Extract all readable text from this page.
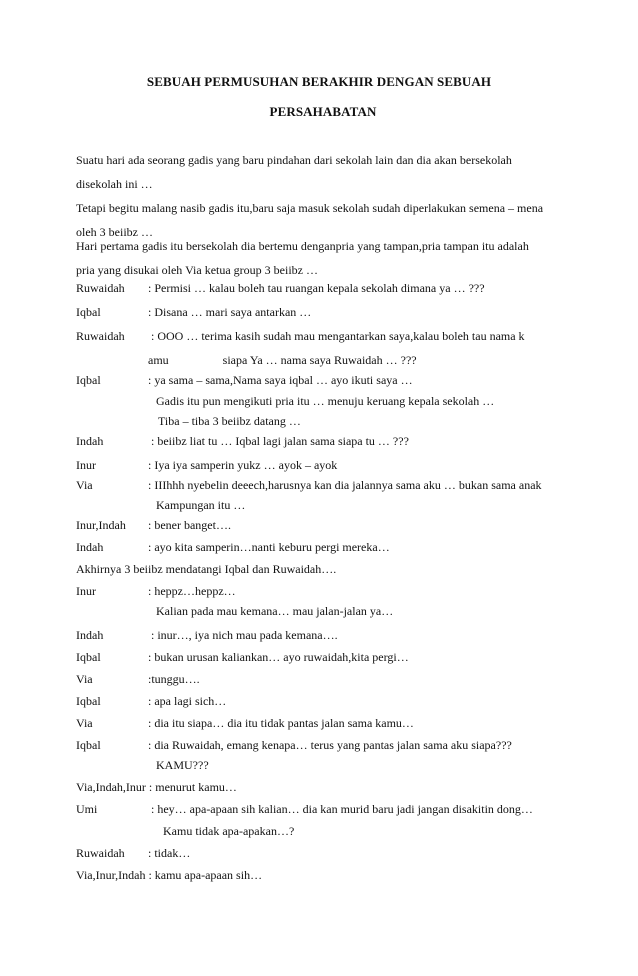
SEBUAH PERMUSUHAN BERAKHIR DENGAN SEBUAH
PERSAHABATAN
Suatu hari ada seorang gadis yang baru pindahan dari sekolah lain dan dia akan bersekolah
disekolah ini …
Tetapi begitu malang nasib gadis itu,baru saja masuk sekolah sudah diperlakukan semena – mena
oleh 3 beiibz …
Hari pertama gadis itu bersekolah dia bertemu denganpria yang tampan,pria tampan itu adalah
pria yang disukai oleh Via ketua group 3 beiibz …
Ruwaidah : Permisi … kalau boleh tau ruangan kepala sekolah dimana ya … ???
Iqbal	: Disana … mari saya antarkan …
Ruwaidah : OOO … terima kasih sudah mau mengantarkan saya,kalau boleh tau nama k
amu                  siapa Ya … nama saya Ruwaidah … ???
Iqbal	: ya sama – sama,Nama saya iqbal … ayo ikuti saya …
Gadis itu pun mengikuti pria itu … menuju keruang kepala sekolah …
Tiba – tiba 3 beiibz datang …
Indah	: beiibz liat tu … Iqbal lagi jalan sama siapa tu … ???
Inur	: Iya iya samperin yukz … ayok – ayok
Via	: IIIhhh nyebelin deeech,harusnya kan dia jalannya sama aku … bukan sama anak
Kampungan itu …
Inur,Indah : bener banget….
Indah	: ayo kita samperin…nanti keburu pergi mereka…
Akhirnya 3 beiibz mendatangi Iqbal dan Ruwaidah….
Inur	: heppz…heppz…
Kalian pada mau kemana… mau jalan-jalan ya…
Indah	: inur…, iya nich mau pada kemana….
Iqbal	: bukan urusan kaliankan… ayo ruwaidah,kita pergi…
Via	:tunggu….
Iqbal	: apa lagi sich…
Via	: dia itu siapa… dia itu tidak pantas jalan sama kamu…
Iqbal	: dia Ruwaidah, emang kenapa… terus yang pantas jalan sama aku siapa???
KAMU???
Via,Indah,Inur : menurut kamu…
Umi	: hey… apa-apaan sih kalian… dia kan murid baru jadi jangan disakitin dong…
Kamu tidak apa-apakan…?
Ruwaidah : tidak…
Via,Inur,Indah : kamu apa-apaan sih…
